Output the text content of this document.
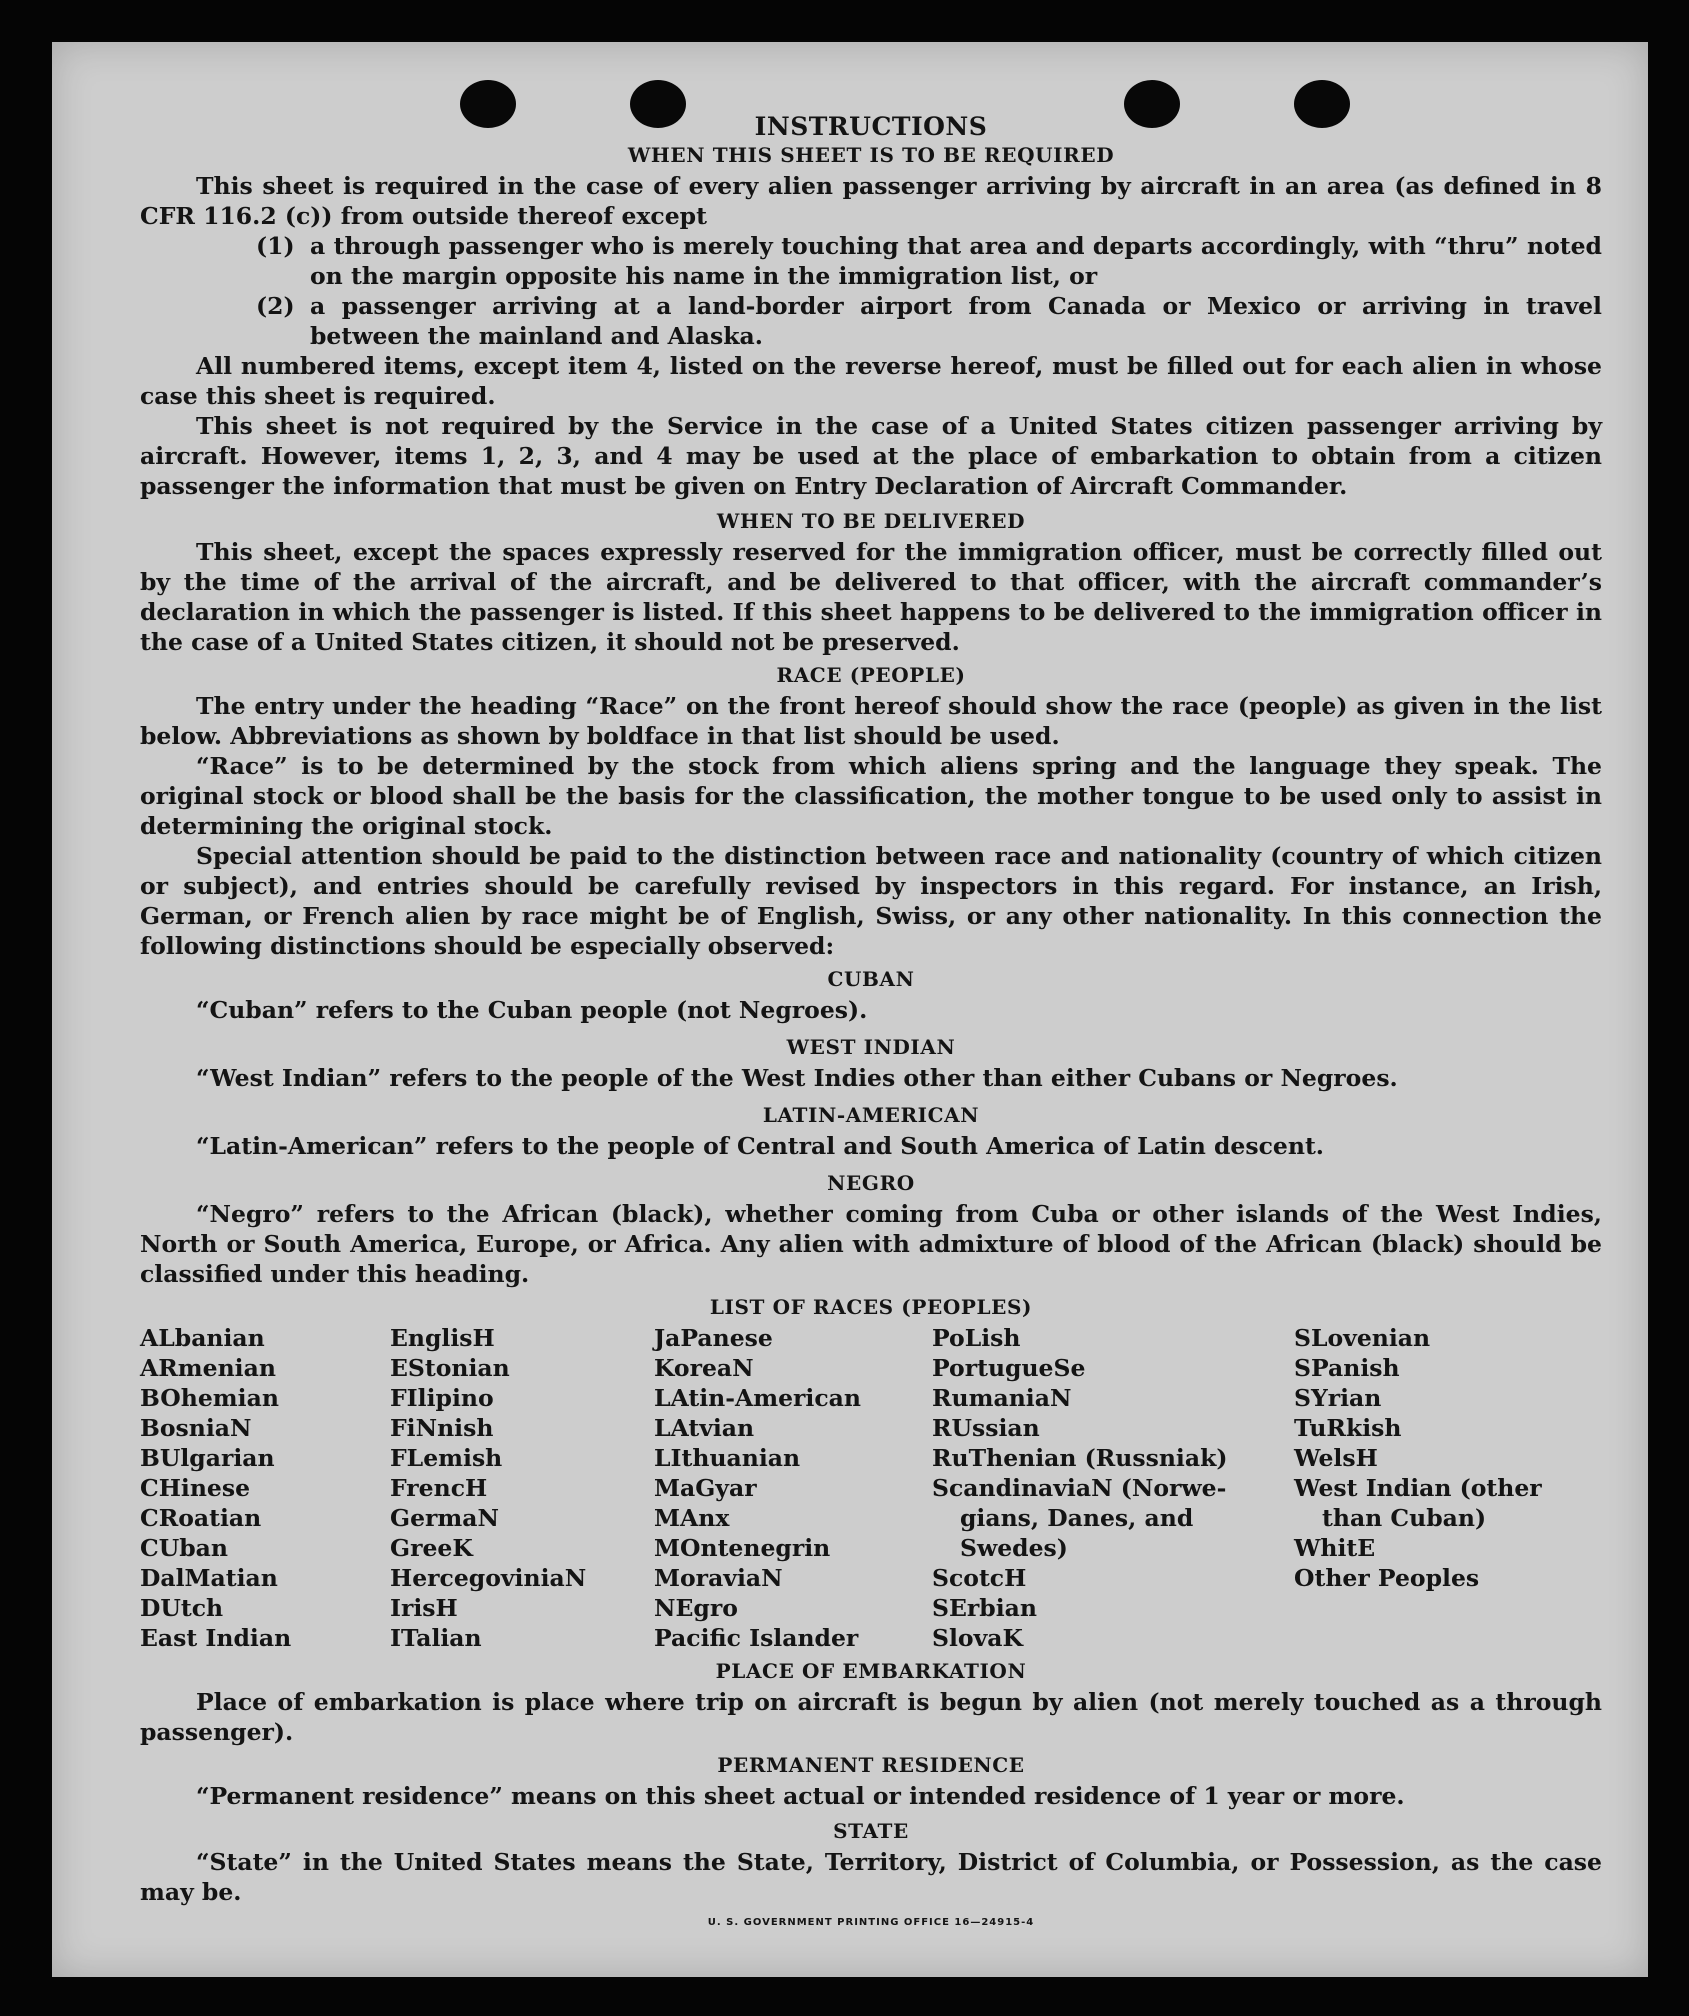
INSTRUCTIONS
WHEN THIS SHEET IS TO BE REQUIRED

This sheet is required in the case of every alien passenger arriving by aircraft in an area (as defined in 8 CFR 116.2 (c)) from outside thereof except

(1) a through passenger who is merely touching that area and departs accordingly, with “thru” noted on the margin opposite his name in the immigration list, or
(2) a passenger arriving at a land-border airport from Canada or Mexico or arriving in travel between the mainland and Alaska.

All numbered items, except item 4, listed on the reverse hereof, must be filled out for each alien in whose case this sheet is required.

This sheet is not required by the Service in the case of a United States citizen passenger arriving by aircraft. However, items 1, 2, 3, and 4 may be used at the place of embarkation to obtain from a citizen passenger the information that must be given on Entry Declaration of Aircraft Commander.

WHEN TO BE DELIVERED

This sheet, except the spaces expressly reserved for the immigration officer, must be correctly filled out by the time of the arrival of the aircraft, and be delivered to that officer, with the aircraft commander’s declaration in which the passenger is listed. If this sheet happens to be delivered to the immigration officer in the case of a United States citizen, it should not be preserved.

RACE (PEOPLE)

The entry under the heading “Race” on the front hereof should show the race (people) as given in the list below. Abbreviations as shown by boldface in that list should be used.

“Race” is to be determined by the stock from which aliens spring and the language they speak. The original stock or blood shall be the basis for the classification, the mother tongue to be used only to assist in determining the original stock.

Special attention should be paid to the distinction between race and nationality (country of which citizen or subject), and entries should be carefully revised by inspectors in this regard. For instance, an Irish, German, or French alien by race might be of English, Swiss, or any other nationality. In this connection the following distinctions should be especially observed:

CUBAN

“Cuban” refers to the Cuban people (not Negroes).

WEST INDIAN

“West Indian” refers to the people of the West Indies other than either Cubans or Negroes.

LATIN-AMERICAN

“Latin-American” refers to the people of Central and South America of Latin descent.

NEGRO

“Negro” refers to the African (black), whether coming from Cuba or other islands of the West Indies, North or South America, Europe, or Africa. Any alien with admixture of blood of the African (black) should be classified under this heading.

LIST OF RACES (PEOPLES)
ALbanian
ARmenian
BOhemian
BosniaN
BUlgarian
CHinese
CRoatian
CUban
DalMatian
DUtch
East Indian
EnglisH
EStonian
FIlipino
FiNnish
FLemish
FrencH
GermaN
GreeK
HercegoviniaN
IrisH
ITalian
JaPanese
KoreaN
LAtin-American
LAtvian
LIthuanian
MaGyar
MAnx
MOntenegrin
MoraviaN
NEgro
Pacific Islander
PoLish
PortugueSe
RumaniaN
RUssian
RuThenian (Russniak)
ScandinaviaN (Norwe-
gians, Danes, and
Swedes)
ScotcH
SErbian
SlovaK
SLovenian
SPanish
SYrian
TuRkish
WelsH
West Indian (other
than Cuban)
WhitE
Other Peoples
PLACE OF EMBARKATION

Place of embarkation is place where trip on aircraft is begun by alien (not merely touched as a through passenger).

PERMANENT RESIDENCE

“Permanent residence” means on this sheet actual or intended residence of 1 year or more.

STATE

“State” in the United States means the State, Territory, District of Columbia, or Possession, as the case may be.

U. S. GOVERNMENT PRINTING OFFICE 16—24915-4
